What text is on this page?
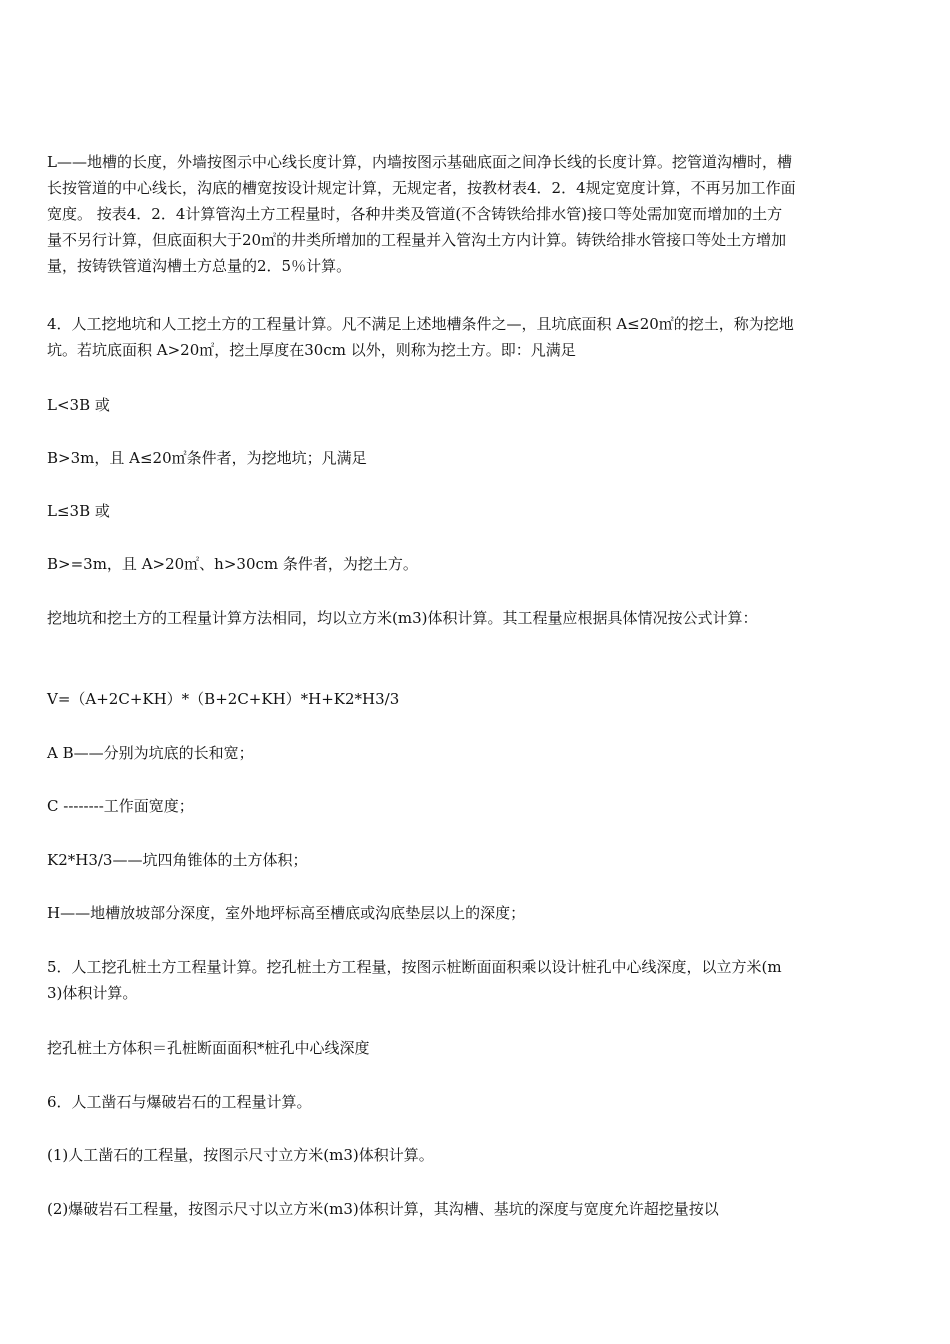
L——地槽的长度，外墙按图示中心线长度计算，内墙按图示基础底面之间净长线的长度计算。挖管道沟槽时，槽长按管道的中心线长，沟底的槽宽按设计规定计算，无规定者，按教材表4．2．4规定宽度计算，不再另加工作面宽度。 按表4．2．4计算管沟土方工程量时，各种井类及管道(不含铸铁给排水管)接口等处需加宽而增加的土方量不另行计算，但底面积大于20㎡的井类所增加的工程量并入管沟土方内计算。铸铁给排水管接口等处土方增加量，按铸铁管道沟槽土方总量的2．5％计算。

4．人工挖地坑和人工挖土方的工程量计算。凡不满足上述地槽条件之—，且坑底面积 A≤20㎡的挖土，称为挖地坑。若坑底面积 A>20㎡，挖土厚度在30cm 以外，则称为挖土方。即：凡满足

L<3B 或

B>3m，且 A≤20㎡条件者，为挖地坑；凡满足

L≤3B 或

B>=3m，且 A>20㎡、h>30cm 条件者，为挖土方。

挖地坑和挖土方的工程量计算方法相同，均以立方米(m3)体积计算。其工程量应根据具体情况按公式计算：

V=（A+2C+KH）*（B+2C+KH）*H+K2*H3/3

A B——分别为坑底的长和宽；

C --------工作面宽度；

K2*H3/3——坑四角锥体的土方体积；

H——地槽放坡部分深度，室外地坪标高至槽底或沟底垫层以上的深度；

5．人工挖孔桩土方工程量计算。挖孔桩土方工程量，按图示桩断面面积乘以设计桩孔中心线深度，以立方米(m3)体积计算。

挖孔桩土方体积＝孔桩断面面积*桩孔中心线深度

6．人工凿石与爆破岩石的工程量计算。

(1)人工凿石的工程量，按图示尺寸立方米(m3)体积计算。

(2)爆破岩石工程量，按图示尺寸以立方米(m3)体积计算，其沟槽、基坑的深度与宽度允许超挖量按以
